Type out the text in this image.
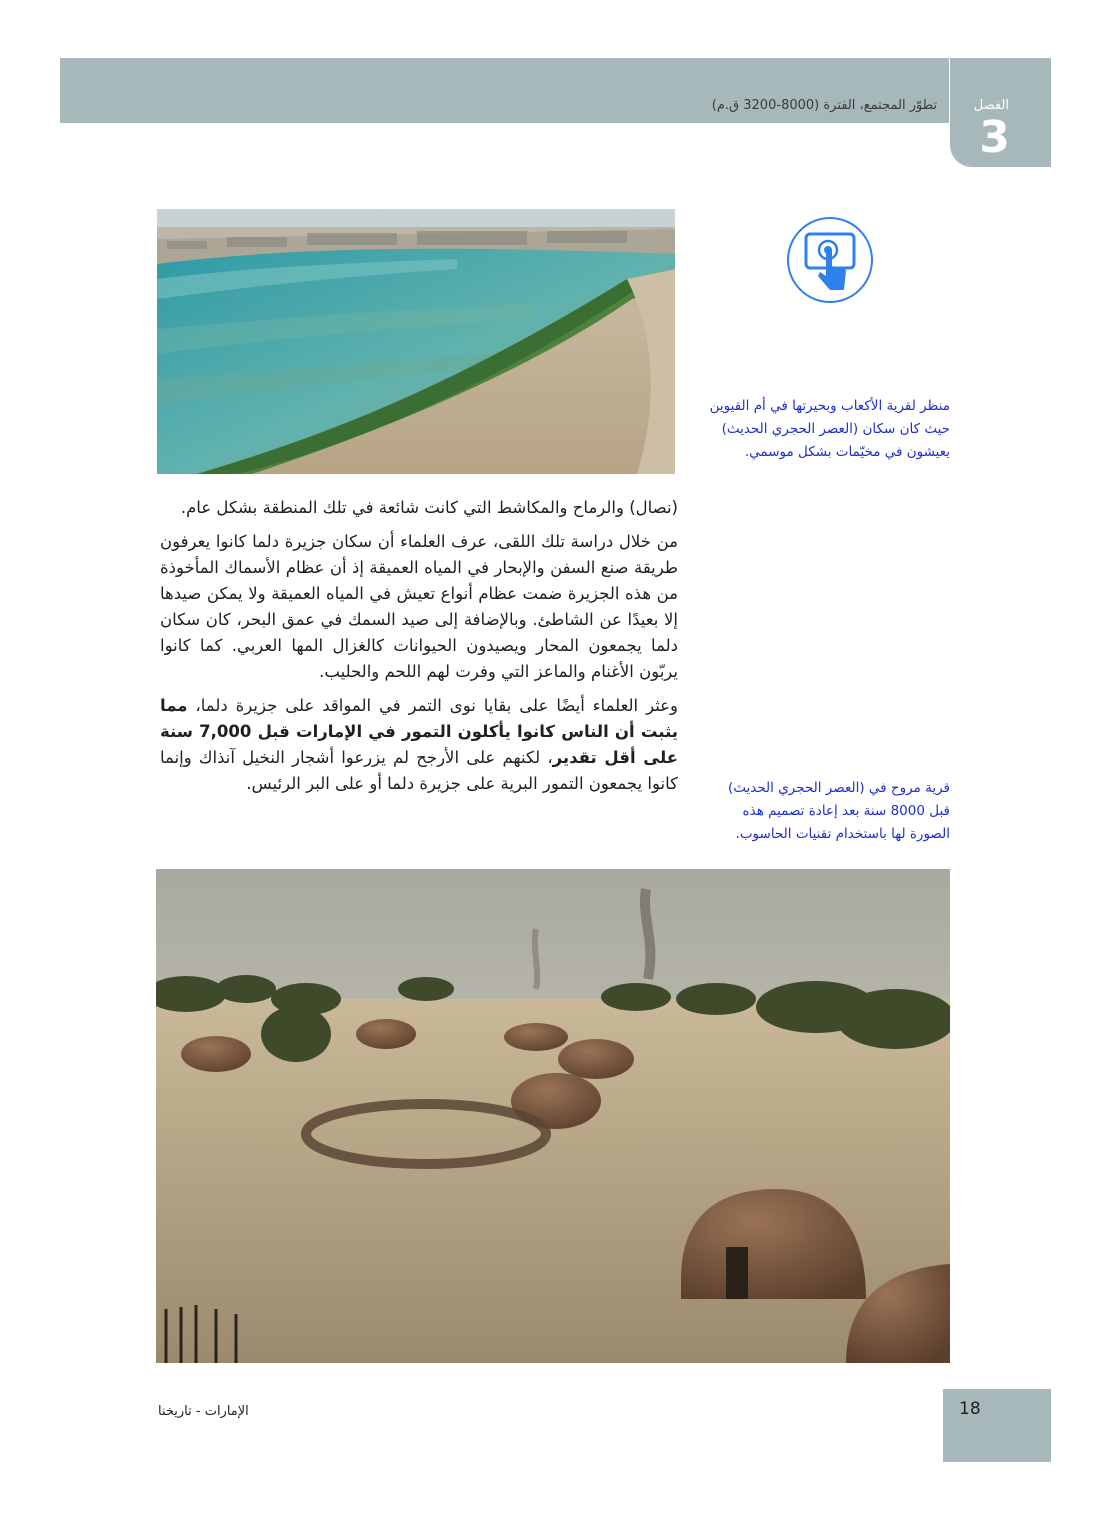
تطوّر المجتمع، الفترة (8000-3200 ق.م)	الفصل
3
منظر لقرية الأكعاب وبحيرتها في أم القيوين
حيث كان سكان (العصر الحجري الحديث)
يعيشون في مخيّمات بشكل موسمي.
قرية مروح في (العصر الحجري الحديث)
قبل 8000 سنة بعد إعادة تصميم هذه
الصورة لها باستخدام تقنيات الحاسوب.

(نصال) والرماح والمكاشط التي كانت شائعة في تلك المنطقة بشكل عام.

من خلال دراسة تلك اللقى، عرف العلماء أن سكان جزيرة دلما كانوا يعرفون طريقة صنع السفن والإبحار في المياه العميقة إذ أن عظام الأسماك المأخوذة من هذه الجزيرة ضمت عظام أنواع تعيش في المياه العميقة ولا يمكن صيدها إلا بعيدًا عن الشاطئ. وبالإضافة إلى صيد السمك في عمق البحر، كان سكان دلما يجمعون المحار ويصيدون الحيوانات كالغزال المها العربي. كما كانوا يربّون الأغنام والماعز التي وفرت لهم اللحم والحليب.

وعثر العلماء أيضًا على بقايا نوى التمر في المواقد على جزيرة دلما، مما يثبت أن الناس كانوا يأكلون التمور في الإمارات قبل 7,000 سنة على أقل تقدير، لكنهم على الأرجح لم يزرعوا أشجار النخيل آنذاك وإنما كانوا يجمعون التمور البرية على جزيرة دلما أو على البر الرئيس.

18
الإمارات - تاريخنا
